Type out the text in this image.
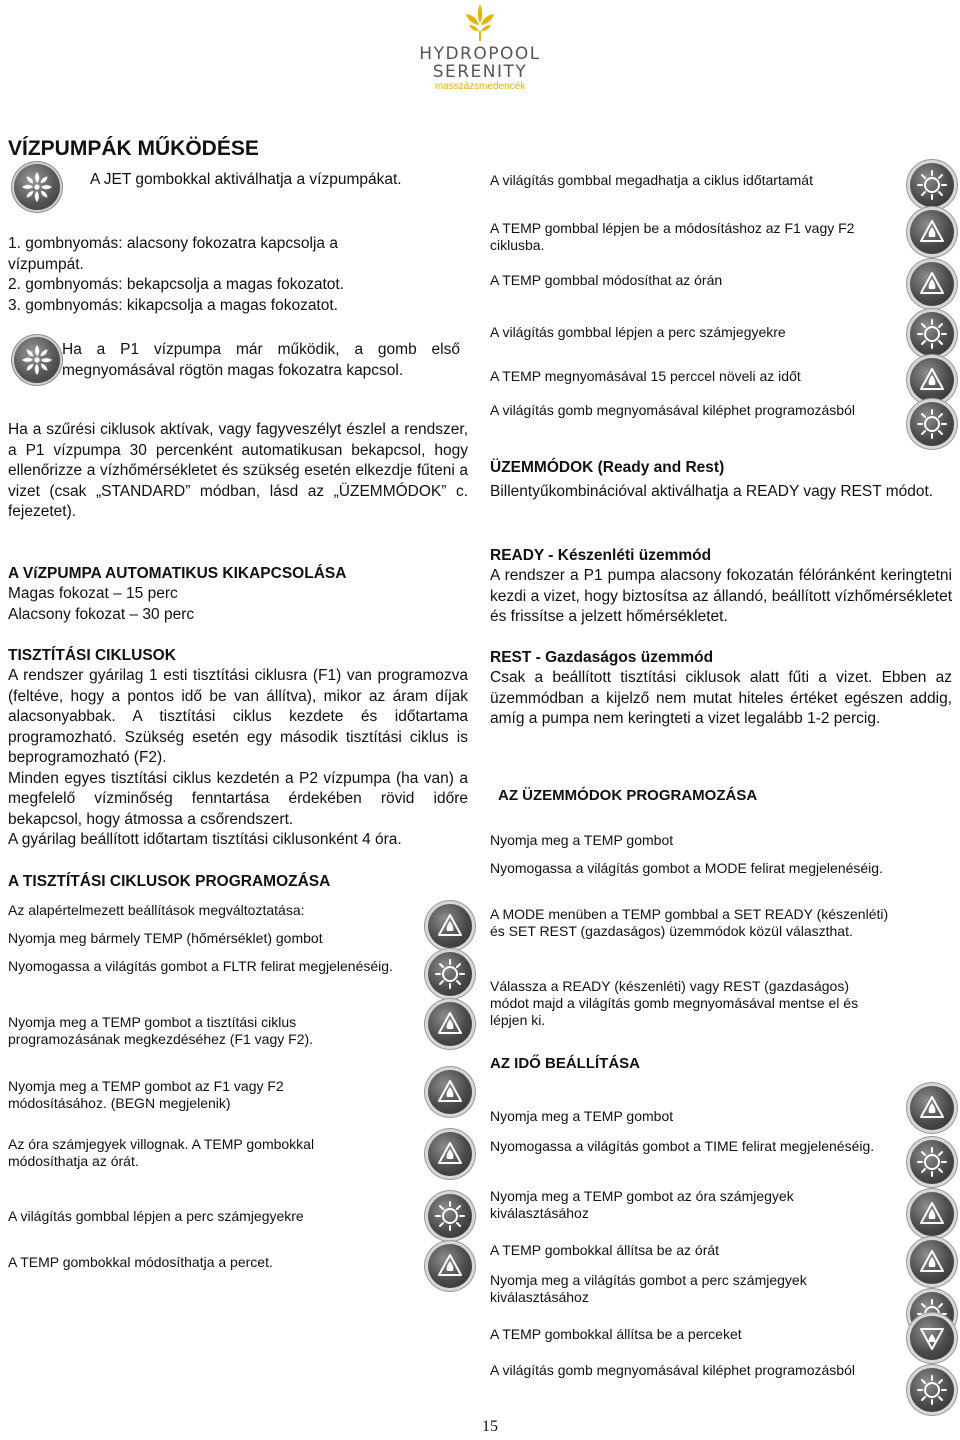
HYDROPOOL
SERENITY
masszázsmedencék
VÍZPUMPÁK MŰKÖDÉSE
A JET gombokkal aktiválhatja a vízpumpákat.
1. gombnyomás: alacsony fokozatra kapcsolja a vízpumpát.
2. gombnyomás: bekapcsolja a magas fokozatot.
3. gombnyomás: kikapcsolja a magas fokozatot.
Ha a P1 vízpumpa már működik, a gomb első megnyomásával rögtön magas fokozatra kapcsol.
Ha a szűrési ciklusok aktívak, vagy fagyveszélyt észlel a rendszer, a P1 vízpumpa 30 percenként automatikusan bekapcsol, hogy ellenőrizze a vízhőmérsékletet és szükség esetén elkezdje fűteni a vizet (csak „STANDARD” módban, lásd az „ÜZEMMÓDOK” c. fejezetet).
A VíZPUMPA AUTOMATIKUS KIKAPCSOLÁSA
Magas fokozat – 15 perc
Alacsony fokozat – 30 perc
TISZTÍTÁSI CIKLUSOK
A rendszer gyárilag 1 esti tisztítási ciklusra (F1) van programozva (feltéve, hogy a pontos idő be van állítva), mikor az áram díjak alacsonyabbak. A tisztítási ciklus kezdete és időtartama programozható. Szükség esetén egy második tisztítási ciklus is beprogramozható (F2).
Minden egyes tisztítási ciklus kezdetén a P2 vízpumpa (ha van) a megfelelő vízminőség fenntartása érdekében rövid időre bekapcsol, hogy átmossa a csőrendszert.
A gyárilag beállított időtartam tisztítási ciklusonként 4 óra.
A TISZTÍTÁSI CIKLUSOK PROGRAMOZÁSA
Az alapértelmezett beállítások megváltoztatása:
Nyomja meg bármely TEMP (hőmérséklet) gombot
Nyomogassa a világítás gombot a FLTR felirat megjelenéséig.
Nyomja meg a TEMP gombot a tisztítási ciklus programozásának megkezdéséhez (F1 vagy F2).
Nyomja meg a TEMP gombot az F1 vagy F2 módosításához. (BEGN megjelenik)
Az óra számjegyek villognak. A TEMP gombokkal módosíthatja az órát.
A világítás gombbal lépjen a perc számjegyekre
A TEMP gombokkal módosíthatja a percet.
A világítás gombbal megadhatja a ciklus időtartamát
A TEMP gombbal lépjen be a módosításhoz az F1 vagy F2 ciklusba.
A TEMP gombbal módosíthat az órán
A világítás gombbal lépjen a perc számjegyekre
A TEMP megnyomásával 15 perccel növeli az időt
A világítás gomb megnyomásával kiléphet programozásból
ÜZEMMÓDOK (Ready and Rest)
Billentyűkombinációval aktiválhatja a READY vagy REST módot.
READY - Készenléti üzemmód
A rendszer a P1 pumpa alacsony fokozatán félóránként keringtetni kezdi a vizet, hogy biztosítsa az állandó, beállított vízhőmérsékletet és frissítse a jelzett hőmérsékletet.
REST - Gazdaságos üzemmód
Csak a beállított tisztítási ciklusok alatt fűti a vizet. Ebben az üzemmódban a kijelző nem mutat hiteles értéket egészen addig, amíg a pumpa nem keringteti a vizet legalább 1-2 percig.
AZ ÜZEMMÓDOK PROGRAMOZÁSA
Nyomja meg a TEMP gombot
Nyomogassa a világítás gombot a MODE felirat megjelenéséig.
A MODE menüben a TEMP gombbal a SET READY (készenléti) és SET REST (gazdaságos) üzemmódok közül választhat.
Válassza a READY (készenléti) vagy REST (gazdaságos) módot majd a világítás gomb megnyomásával mentse el és lépjen ki.
AZ IDŐ BEÁLLÍTÁSA
Nyomja meg a TEMP gombot
Nyomogassa a világítás gombot a TIME felirat megjelenéséig.
Nyomja meg a TEMP gombot az óra számjegyek kiválasztásához
A TEMP gombokkal állítsa be az órát
Nyomja meg a világítás gombot a perc számjegyek kiválasztásához
A TEMP gombokkal állítsa be a perceket
A világítás gomb megnyomásával kiléphet programozásból
15
